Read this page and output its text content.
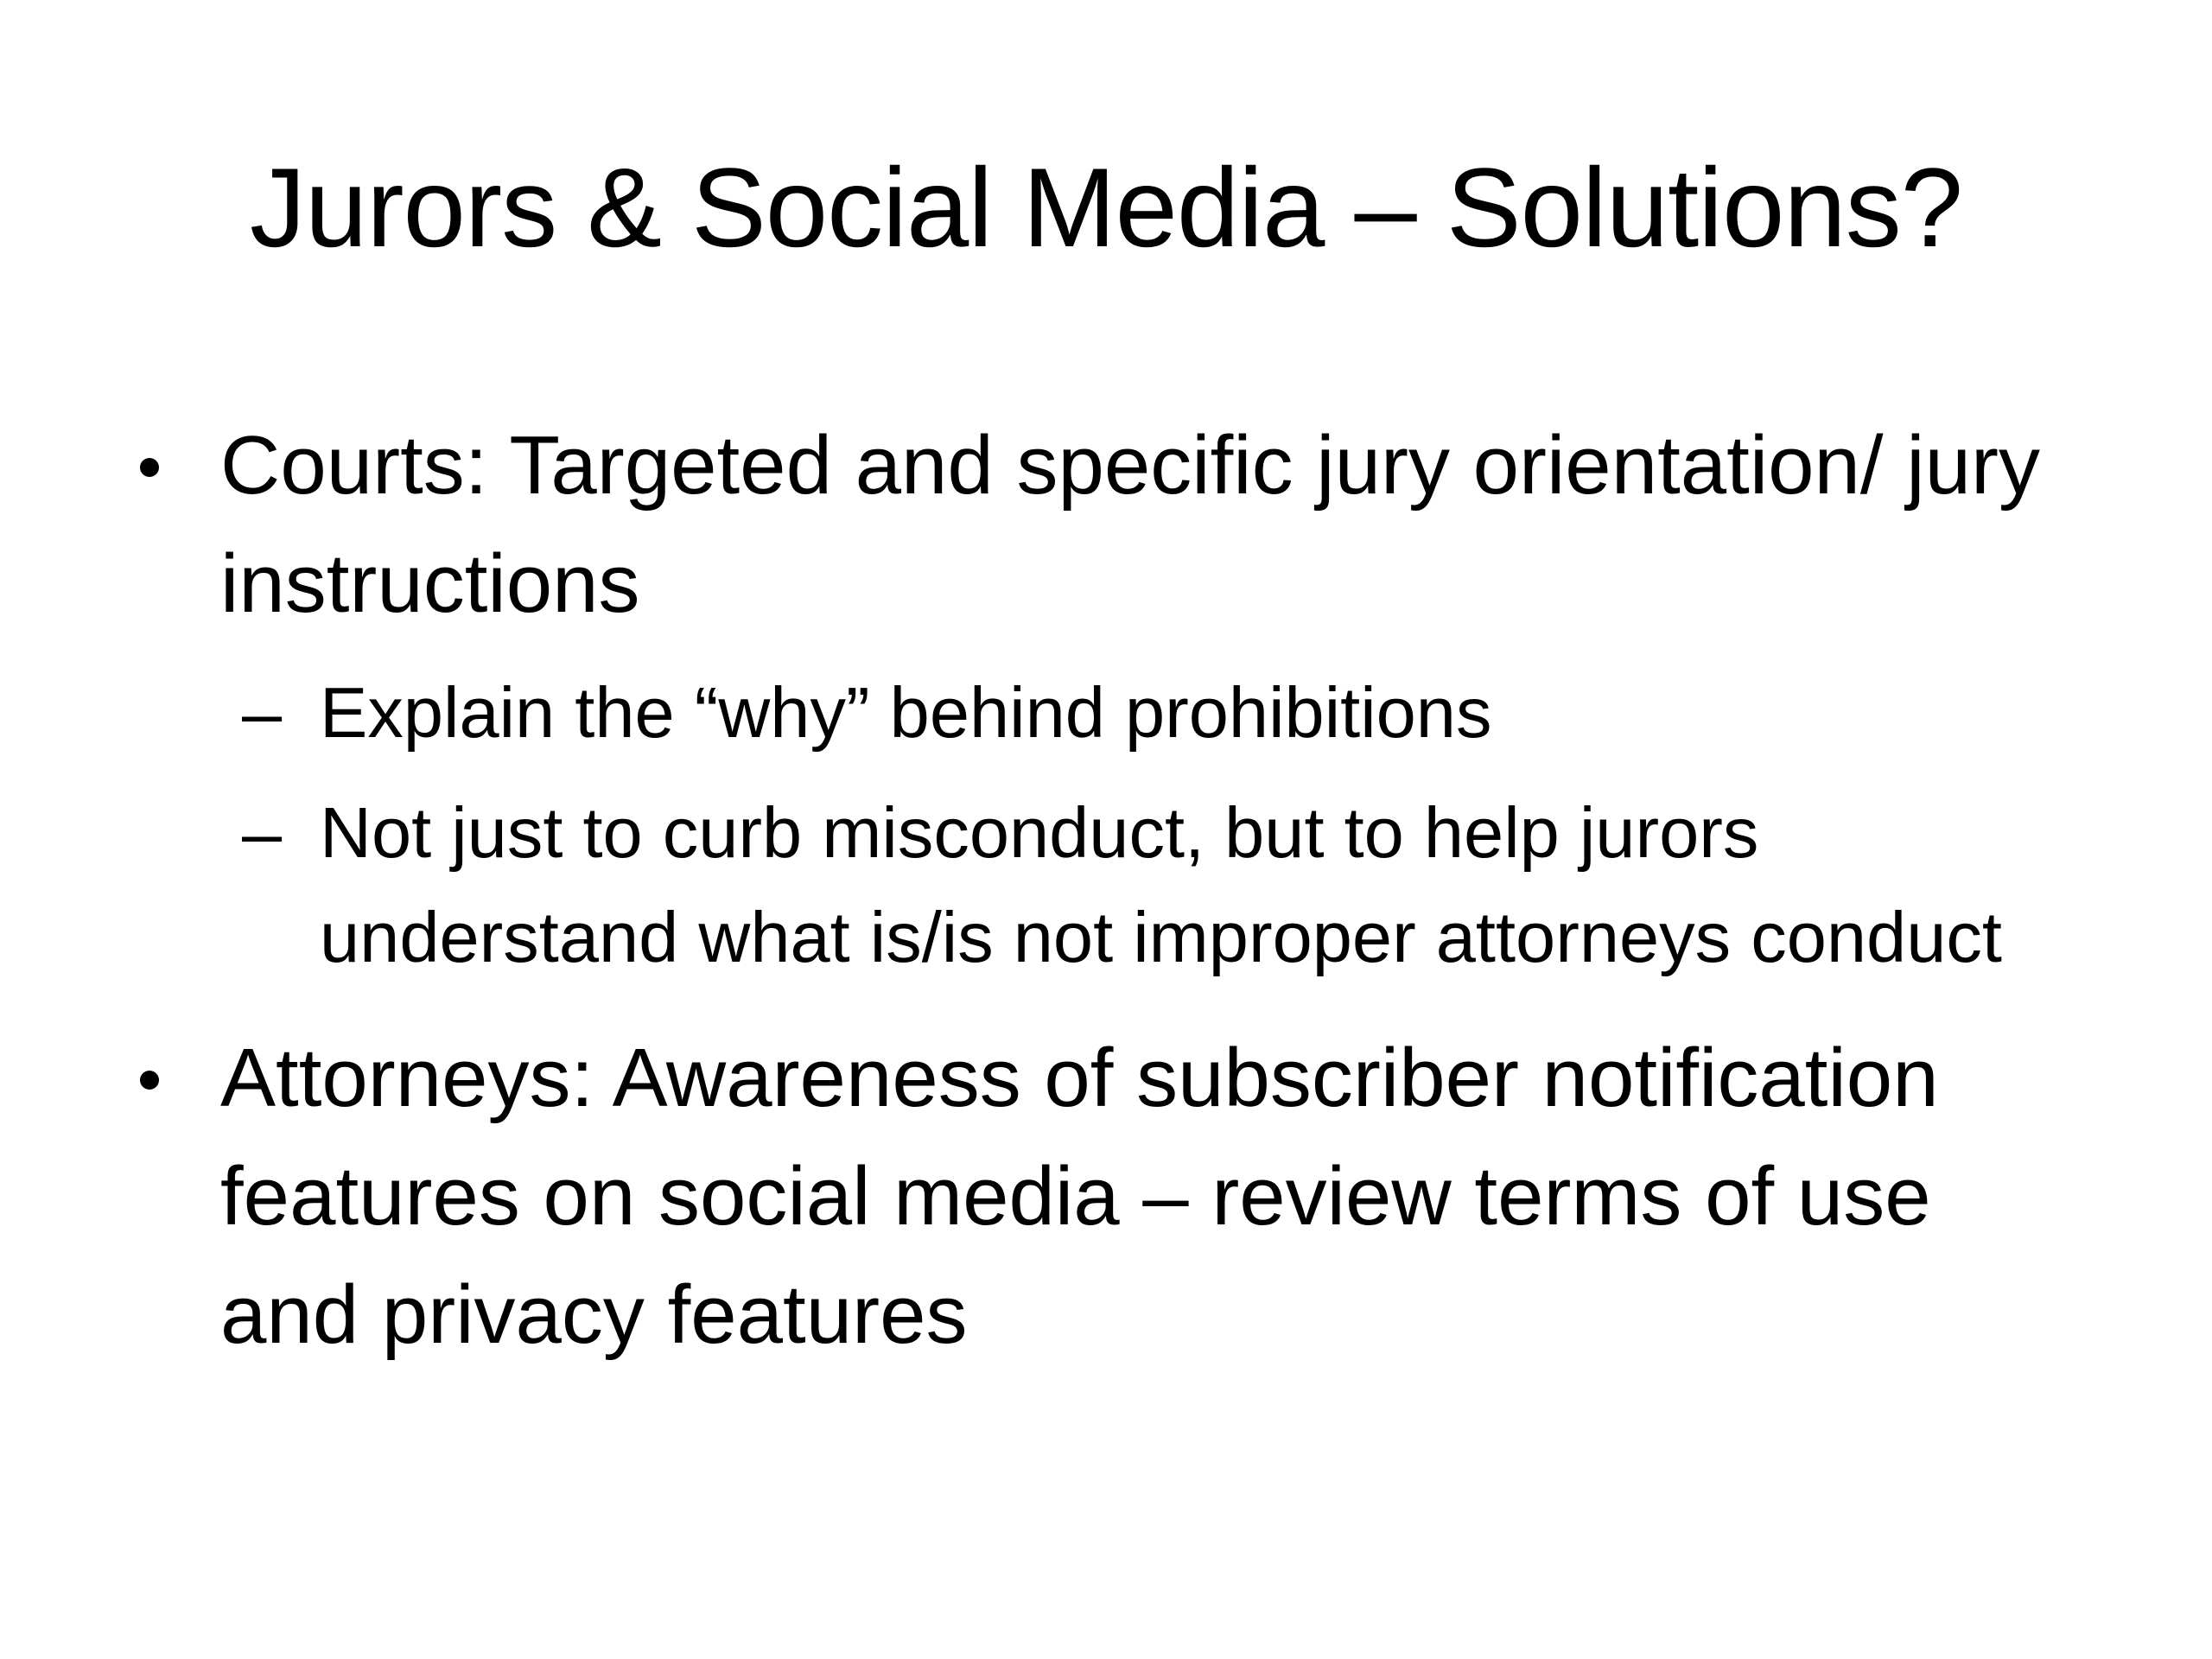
Jurors & Social Media – Solutions?
Courts: Targeted and specific jury orientation/ jury instructions
– Explain the “why” behind prohibitions
– Not just to curb misconduct, but to help jurors understand what is/is not improper attorneys conduct
Attorneys: Awareness of subscriber notification features on social media – review terms of use and privacy features
